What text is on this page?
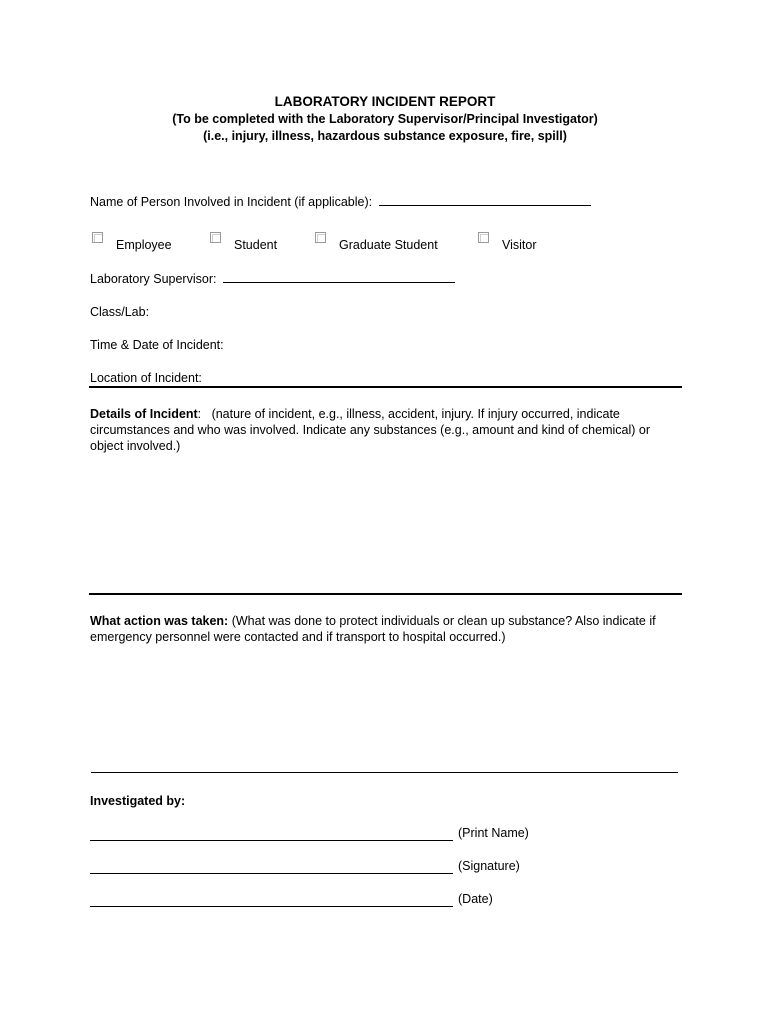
LABORATORY INCIDENT REPORT
(To be completed with the Laboratory Supervisor/Principal Investigator)
(i.e., injury, illness, hazardous substance exposure, fire, spill)
Name of Person Involved in Incident (if applicable):
Employee	Student	Graduate Student	Visitor
Laboratory Supervisor:
Class/Lab:
Time & Date of Incident:
Location of Incident:
Details of Incident: (nature of incident, e.g., illness, accident, injury. If injury occurred, indicate
circumstances and who was involved. Indicate any substances (e.g., amount and kind of chemical) or
object involved.)
What action was taken: (What was done to protect individuals or clean up substance? Also indicate if
emergency personnel were contacted and if transport to hospital occurred.)
Investigated by:
(Print Name)
(Signature)
(Date)
